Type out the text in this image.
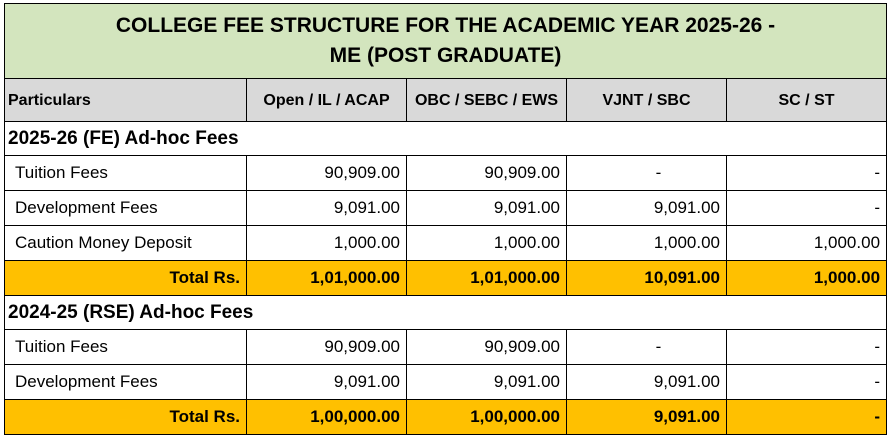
COLLEGE FEE STRUCTURE FOR THE ACADEMIC YEAR 2025-26 -
ME (POST GRADUATE)				
Particulars	Open / IL / ACAP	OBC / SEBC / EWS	VJNT / SBC	SC / ST
2025-26 (FE) Ad-hoc Fees				
Tuition Fees	90,909.00	90,909.00	-	-
Development Fees	9,091.00	9,091.00	9,091.00	-
Caution Money Deposit	1,000.00	1,000.00	1,000.00	1,000.00
Total Rs.	1,01,000.00	1,01,000.00	10,091.00	1,000.00
2024-25 (RSE) Ad-hoc Fees				
Tuition Fees	90,909.00	90,909.00	-	-
Development Fees	9,091.00	9,091.00	9,091.00	-
Total Rs.	1,00,000.00	1,00,000.00	9,091.00	-
